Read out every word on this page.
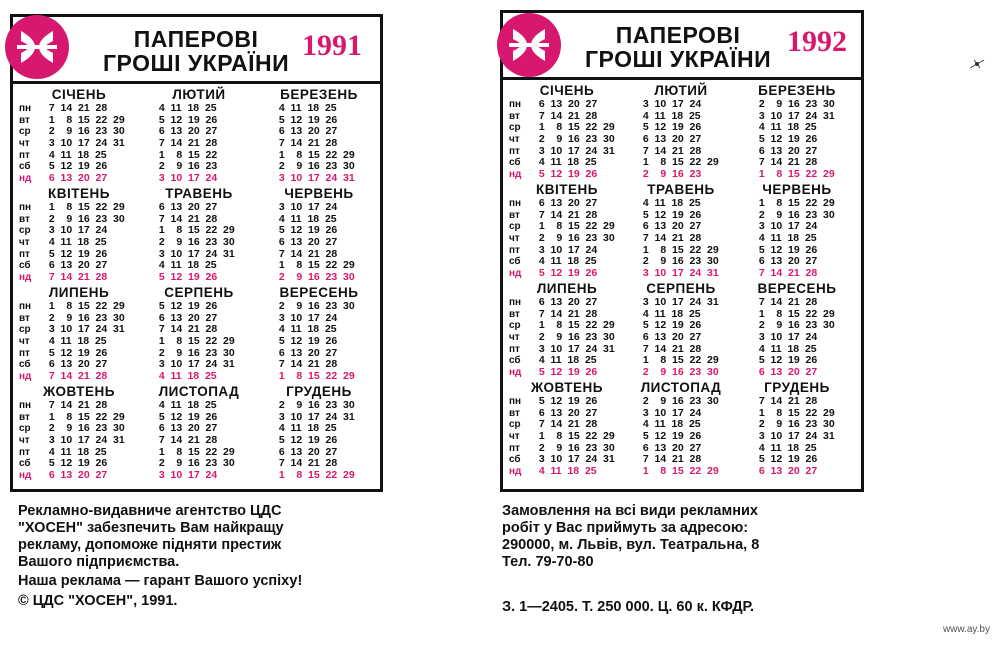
ПАПЕРОВІ
ГРОШІ УКРАЇНИ
1991
СІЧЕНЬ
пн	 7  14  21  28
вт	 1   8  15  22  29
ср	 2   9  16  23  30
чт	 3  10  17  24  31
пт	 4  11  18  25
сб	 5  12  19  26
нд	 6  13  20  27
ЛЮТИЙ
 4  11  18  25
 5  12  19  26
 6  13  20  27
 7  14  21  28
 1   8  15  22
 2   9  16  23
 3  10  17  24
БЕРЕЗЕНЬ
 4  11  18  25
 5  12  19  26
 6  13  20  27
 7  14  21  28
 1   8  15  22  29
 2   9  16  23  30
 3  10  17  24  31
КВІТЕНЬ
пн	 1   8  15  22  29
вт	 2   9  16  23  30
ср	 3  10  17  24
чт	 4  11  18  25
пт	 5  12  19  26
сб	 6  13  20  27
нд	 7  14  21  28
ТРАВЕНЬ
 6  13  20  27
 7  14  21  28
 1   8  15  22  29
 2   9  16  23  30
 3  10  17  24  31
 4  11  18  25
 5  12  19  26
ЧЕРВЕНЬ
 3  10  17  24
 4  11  18  25
 5  12  19  26
 6  13  20  27
 7  14  21  28
 1   8  15  22  29
 2   9  16  23  30
ЛИПЕНЬ
пн	 1   8  15  22  29
вт	 2   9  16  23  30
ср	 3  10  17  24  31
чт	 4  11  18  25
пт	 5  12  19  26
сб	 6  13  20  27
нд	 7  14  21  28
СЕРПЕНЬ
 5  12  19  26
 6  13  20  27
 7  14  21  28
 1   8  15  22  29
 2   9  16  23  30
 3  10  17  24  31
 4  11  18  25
ВЕРЕСЕНЬ
 2   9  16  23  30
 3  10  17  24
 4  11  18  25
 5  12  19  26
 6  13  20  27
 7  14  21  28
 1   8  15  22  29
ЖОВТЕНЬ
пн	 7  14  21  28
вт	 1   8  15  22  29
ср	 2   9  16  23  30
чт	 3  10  17  24  31
пт	 4  11  18  25
сб	 5  12  19  26
нд	 6  13  20  27
ЛИСТОПАД
 4  11  18  25
 5  12  19  26
 6  13  20  27
 7  14  21  28
 1   8  15  22  29
 2   9  16  23  30
 3  10  17  24
ГРУДЕНЬ
 2   9  16  23  30
 3  10  17  24  31
 4  11  18  25
 5  12  19  26
 6  13  20  27
 7  14  21  28
 1   8  15  22  29
Рекламно-видавниче агентство ЦДС
"ХОСЕН" забезпечить Вам найкращу
рекламу, допоможе підняти престиж
Вашого підприємства.
Наша реклама — гарант Вашого успіху!
© ЦДС "ХОСЕН", 1991.
ПАПЕРОВІ
ГРОШІ УКРАЇНИ
1992
СІЧЕНЬ
пн	 6  13  20  27
вт	 7  14  21  28
ср	 1   8  15  22  29
чт	 2   9  16  23  30
пт	 3  10  17  24  31
сб	 4  11  18  25
нд	 5  12  19  26
ЛЮТИЙ
 3  10  17  24
 4  11  18  25
 5  12  19  26
 6  13  20  27
 7  14  21  28
 1   8  15  22  29
 2   9  16  23
БЕРЕЗЕНЬ
 2   9  16  23  30
 3  10  17  24  31
 4  11  18  25
 5  12  19  26
 6  13  20  27
 7  14  21  28
 1   8  15  22  29
КВІТЕНЬ
пн	 6  13  20  27
вт	 7  14  21  28
ср	 1   8  15  22  29
чт	 2   9  16  23  30
пт	 3  10  17  24
сб	 4  11  18  25
нд	 5  12  19  26
ТРАВЕНЬ
 4  11  18  25
 5  12  19  26
 6  13  20  27
 7  14  21  28
 1   8  15  22  29
 2   9  16  23  30
 3  10  17  24  31
ЧЕРВЕНЬ
 1   8  15  22  29
 2   9  16  23  30
 3  10  17  24
 4  11  18  25
 5  12  19  26
 6  13  20  27
 7  14  21  28
ЛИПЕНЬ
пн	 6  13  20  27
вт	 7  14  21  28
ср	 1   8  15  22  29
чт	 2   9  16  23  30
пт	 3  10  17  24  31
сб	 4  11  18  25
нд	 5  12  19  26
СЕРПЕНЬ
 3  10  17  24  31
 4  11  18  25
 5  12  19  26
 6  13  20  27
 7  14  21  28
 1   8  15  22  29
 2   9  16  23  30
ВЕРЕСЕНЬ
 7  14  21  28
 1   8  15  22  29
 2   9  16  23  30
 3  10  17  24
 4  11  18  25
 5  12  19  26
 6  13  20  27
ЖОВТЕНЬ
пн	 5  12  19  26
вт	 6  13  20  27
ср	 7  14  21  28
чт	 1   8  15  22  29
пт	 2   9  16  23  30
сб	 3  10  17  24  31
нд	 4  11  18  25
ЛИСТОПАД
 2   9  16  23  30
 3  10  17  24
 4  11  18  25
 5  12  19  26
 6  13  20  27
 7  14  21  28
 1   8  15  22  29
ГРУДЕНЬ
 7  14  21  28
 1   8  15  22  29
 2   9  16  23  30
 3  10  17  24  31
 4  11  18  25
 5  12  19  26
 6  13  20  27
Замовлення на всі види рекламних
робіт у Вас приймуть за адресою:
290000, м. Львів, вул. Театральна, 8
Тел. 79-70-80
З. 1—2405. Т. 250 000. Ц. 60 к. КФДР.
www.ay.by
